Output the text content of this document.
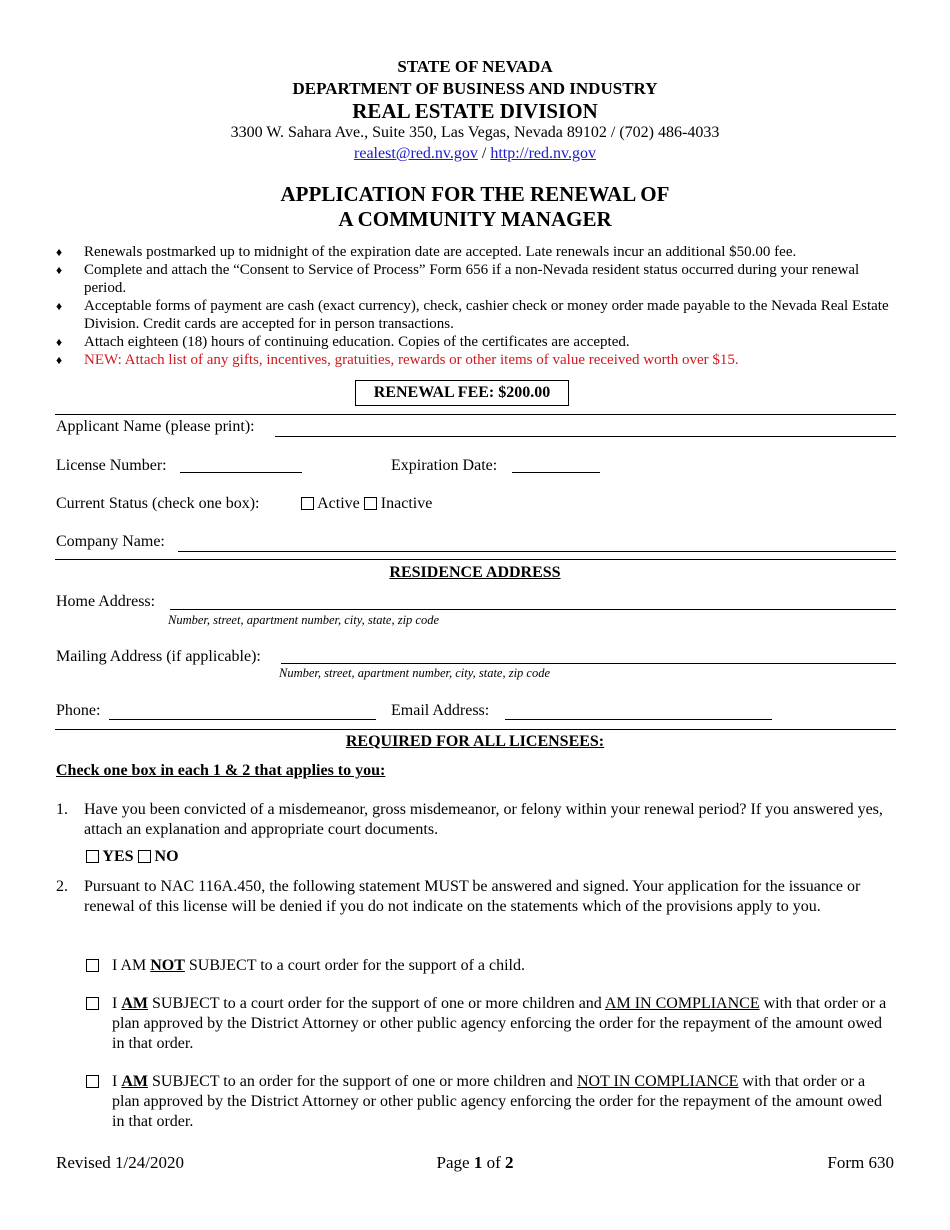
STATE OF NEVADA
DEPARTMENT OF BUSINESS AND INDUSTRY
REAL ESTATE DIVISION
3300 W. Sahara Ave., Suite 350, Las Vegas, Nevada 89102 / (702) 486-4033
realest@red.nv.gov / http://red.nv.gov
APPLICATION FOR THE RENEWAL OF
A COMMUNITY MANAGER
♦ Renewals postmarked up to midnight of the expiration date are accepted. Late renewals incur an additional $50.00 fee.
♦ Complete and attach the “Consent to Service of Process” Form 656 if a non-Nevada resident status occurred during your renewal period.
♦ Acceptable forms of payment are cash (exact currency), check, cashier check or money order made payable to the Nevada Real Estate Division. Credit cards are accepted for in person transactions.
♦ Attach eighteen (18) hours of continuing education. Copies of the certificates are accepted.
♦ NEW: Attach list of any gifts, incentives, gratuities, rewards or other items of value received worth over $15.
RENEWAL FEE: $200.00
Applicant Name (please print):
License Number:	Expiration Date:
Current Status (check one box):	Active Inactive
Company Name:
RESIDENCE ADDRESS
Home Address:
Number, street, apartment number, city, state, zip code
Mailing Address (if applicable):
Number, street, apartment number, city, state, zip code
Phone:	Email Address:
REQUIRED FOR ALL LICENSEES:
Check one box in each 1 & 2 that applies to you:
1. Have you been convicted of a misdemeanor, gross misdemeanor, or felony within your renewal period? If you answered yes, attach an explanation and appropriate court documents.
YES NO
2. Pursuant to NAC 116A.450, the following statement MUST be answered and signed. Your application for the issuance or renewal of this license will be denied if you do not indicate on the statements which of the provisions apply to you.
I AM NOT SUBJECT to a court order for the support of a child.
I AM SUBJECT to a court order for the support of one or more children and AM IN COMPLIANCE with that order or a plan approved by the District Attorney or other public agency enforcing the order for the repayment of the amount owed in that order.
I AM SUBJECT to an order for the support of one or more children and NOT IN COMPLIANCE with that order or a plan approved by the District Attorney or other public agency enforcing the order for the repayment of the amount owed in that order.
Revised 1/24/2020	Page 1 of 2	Form 630
